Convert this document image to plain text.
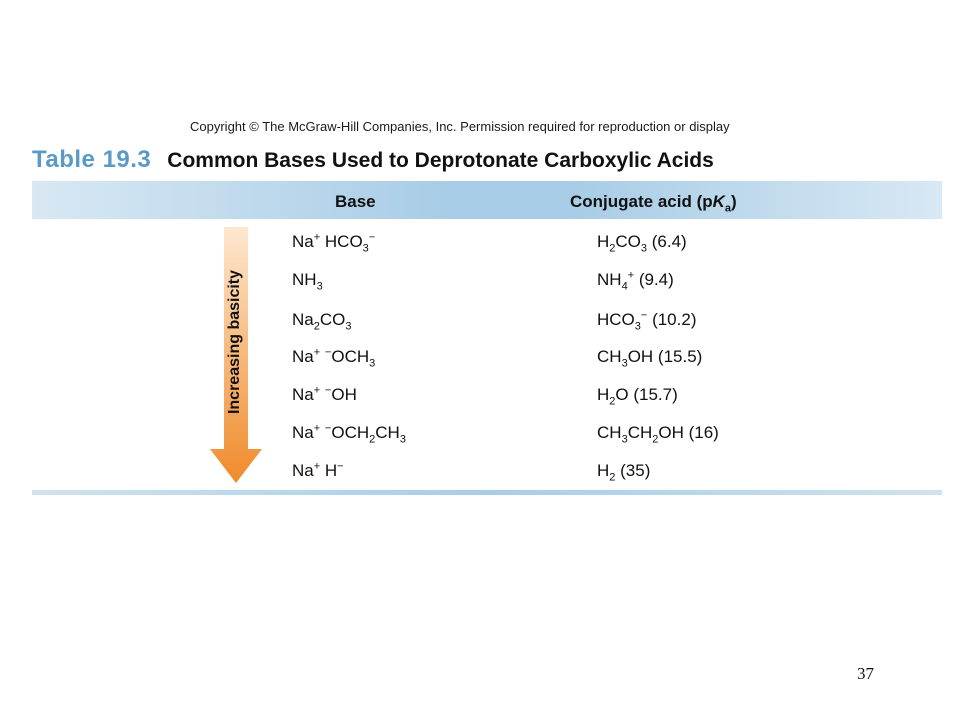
Copyright © The McGraw-Hill Companies, Inc. Permission required for reproduction or display
Table 19.3 Common Bases Used to Deprotonate Carboxylic Acids
Base	Conjugate acid $(pK_a)$
Increasing basicity
Na+ $HCO_3^-$	$H_2CO_3$ (6.4)
$NH_3$	$NH_4^+$ (9.4)
$Na_2CO_3$	$HCO_3^-$ (10.2)
Na+ $^-OCH_3$	$CH_3OH$ (15.5)
Na+ −OH	$H_2O$ (15.7)
Na+ $^-OCH_2CH_3$	$CH_3CH_2OH$ (16)
Na+ H−	$H_2$ (35)
37
